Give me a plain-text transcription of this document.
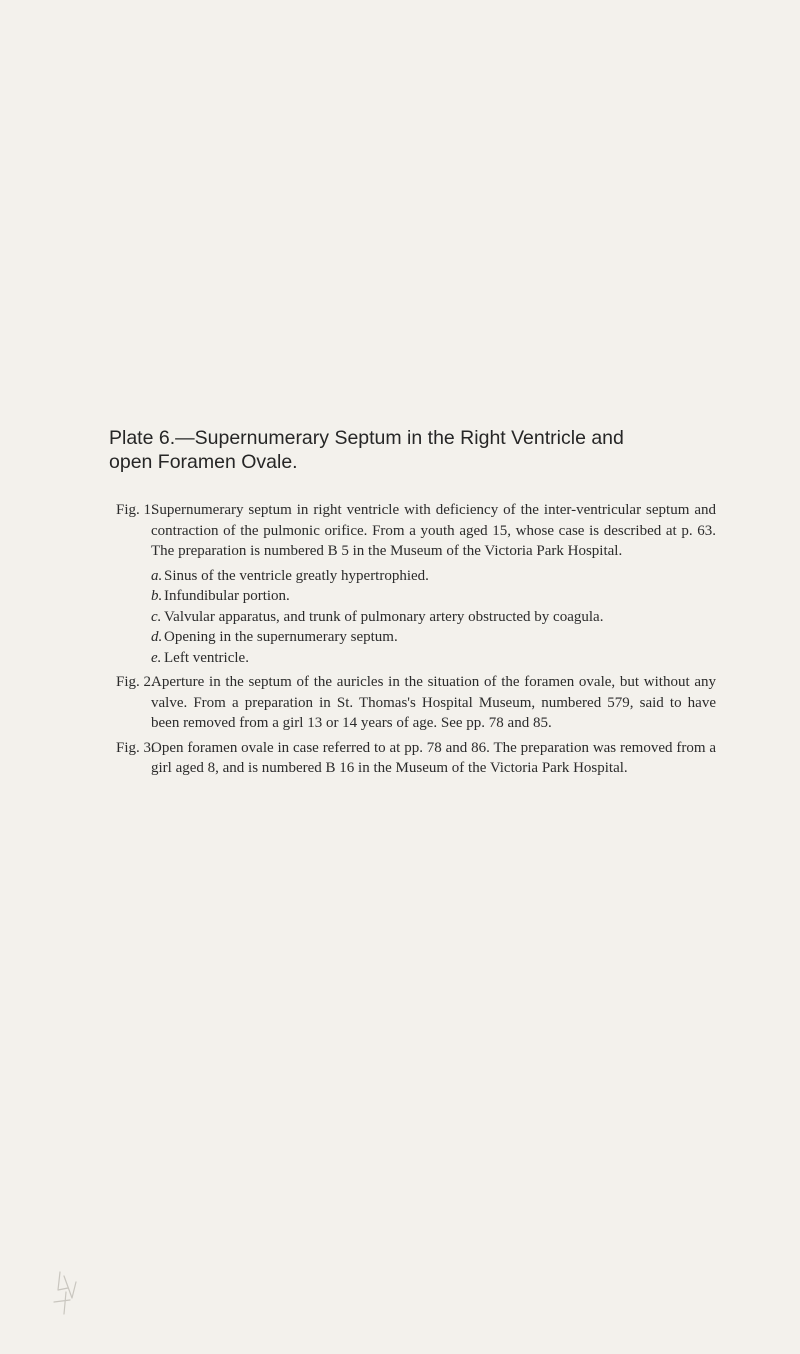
Plate 6.—Supernumerary Septum in the Right Ventricle and
open Foramen Ovale.
Fig. 1.
Supernumerary septum in right ventricle with deficiency of the inter-ventricular septum and contraction of the pulmonic orifice. From a youth aged 15, whose case is described at p. 63. The preparation is numbered B 5 in the Museum of the Victoria Park Hospital.
a. Sinus of the ventricle greatly hypertrophied.
b. Infundibular portion.
c. Valvular apparatus, and trunk of pulmonary artery obstructed by coagula.
d. Opening in the supernumerary septum.
e. Left ventricle.
Fig. 2.
Aperture in the septum of the auricles in the situation of the foramen ovale, but without any valve. From a preparation in St. Thomas's Hospital Museum, numbered 579, said to have been removed from a girl 13 or 14 years of age. See pp. 78 and 85.
Fig. 3.
Open foramen ovale in case referred to at pp. 78 and 86. The preparation was removed from a girl aged 8, and is numbered B 16 in the Museum of the Victoria Park Hospital.
